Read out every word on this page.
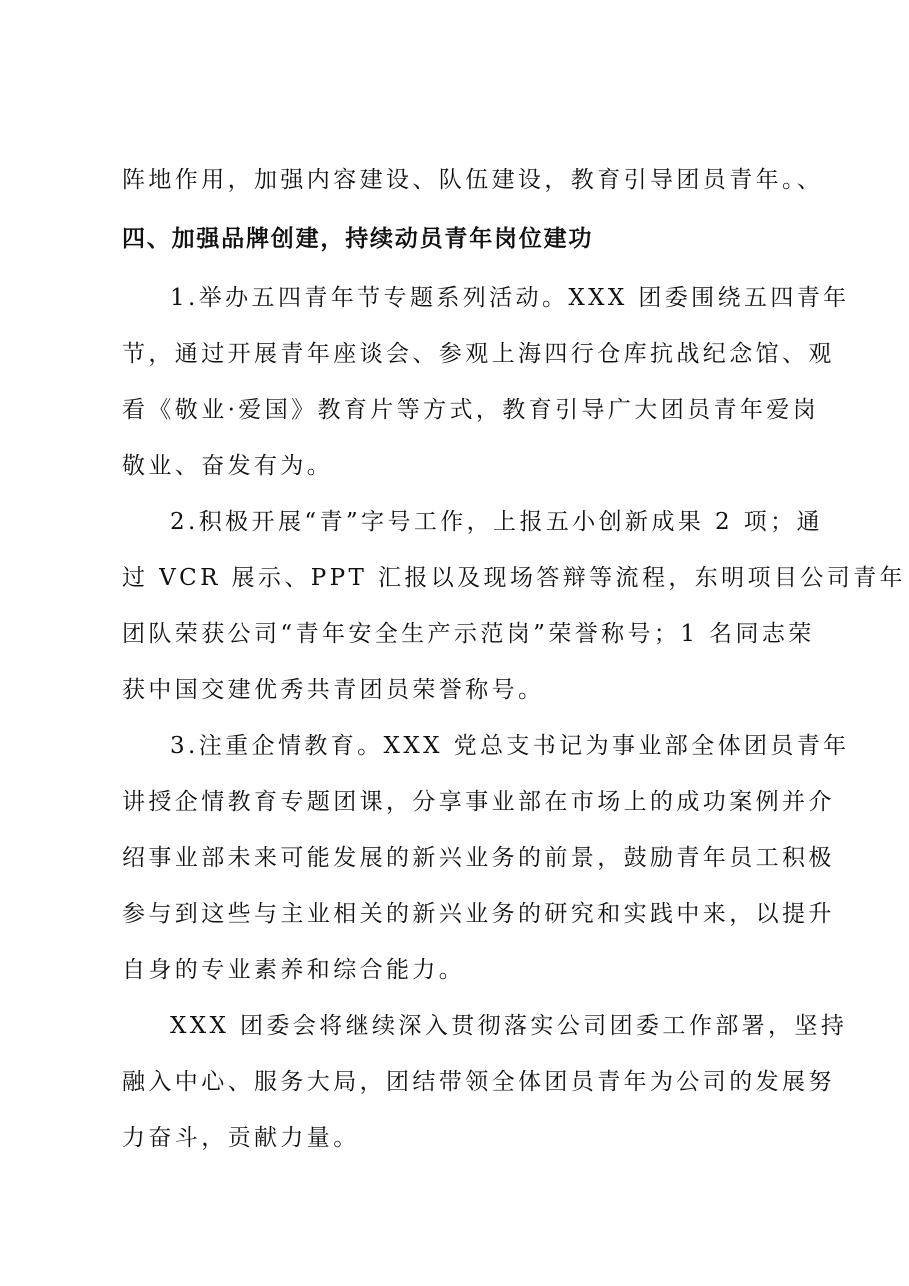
阵地作用，加强内容建设、队伍建设，教育引导团员青年。、
四、加强品牌创建，持续动员青年岗位建功
1.举办五四青年节专题系列活动。XXX 团委围绕五四青年
节，通过开展青年座谈会、参观上海四行仓库抗战纪念馆、观
看《敬业·爱国》教育片等方式，教育引导广大团员青年爱岗
敬业、奋发有为。
2.积极开展“青”字号工作，上报五小创新成果 2 项；通
过 VCR 展示、PPT 汇报以及现场答辩等流程，东明项目公司青年
团队荣获公司“青年安全生产示范岗”荣誉称号；1 名同志荣
获中国交建优秀共青团员荣誉称号。
3.注重企情教育。XXX 党总支书记为事业部全体团员青年
讲授企情教育专题团课，分享事业部在市场上的成功案例并介
绍事业部未来可能发展的新兴业务的前景，鼓励青年员工积极
参与到这些与主业相关的新兴业务的研究和实践中来，以提升
自身的专业素养和综合能力。
XXX 团委会将继续深入贯彻落实公司团委工作部署，坚持
融入中心、服务大局，团结带领全体团员青年为公司的发展努
力奋斗，贡献力量。
